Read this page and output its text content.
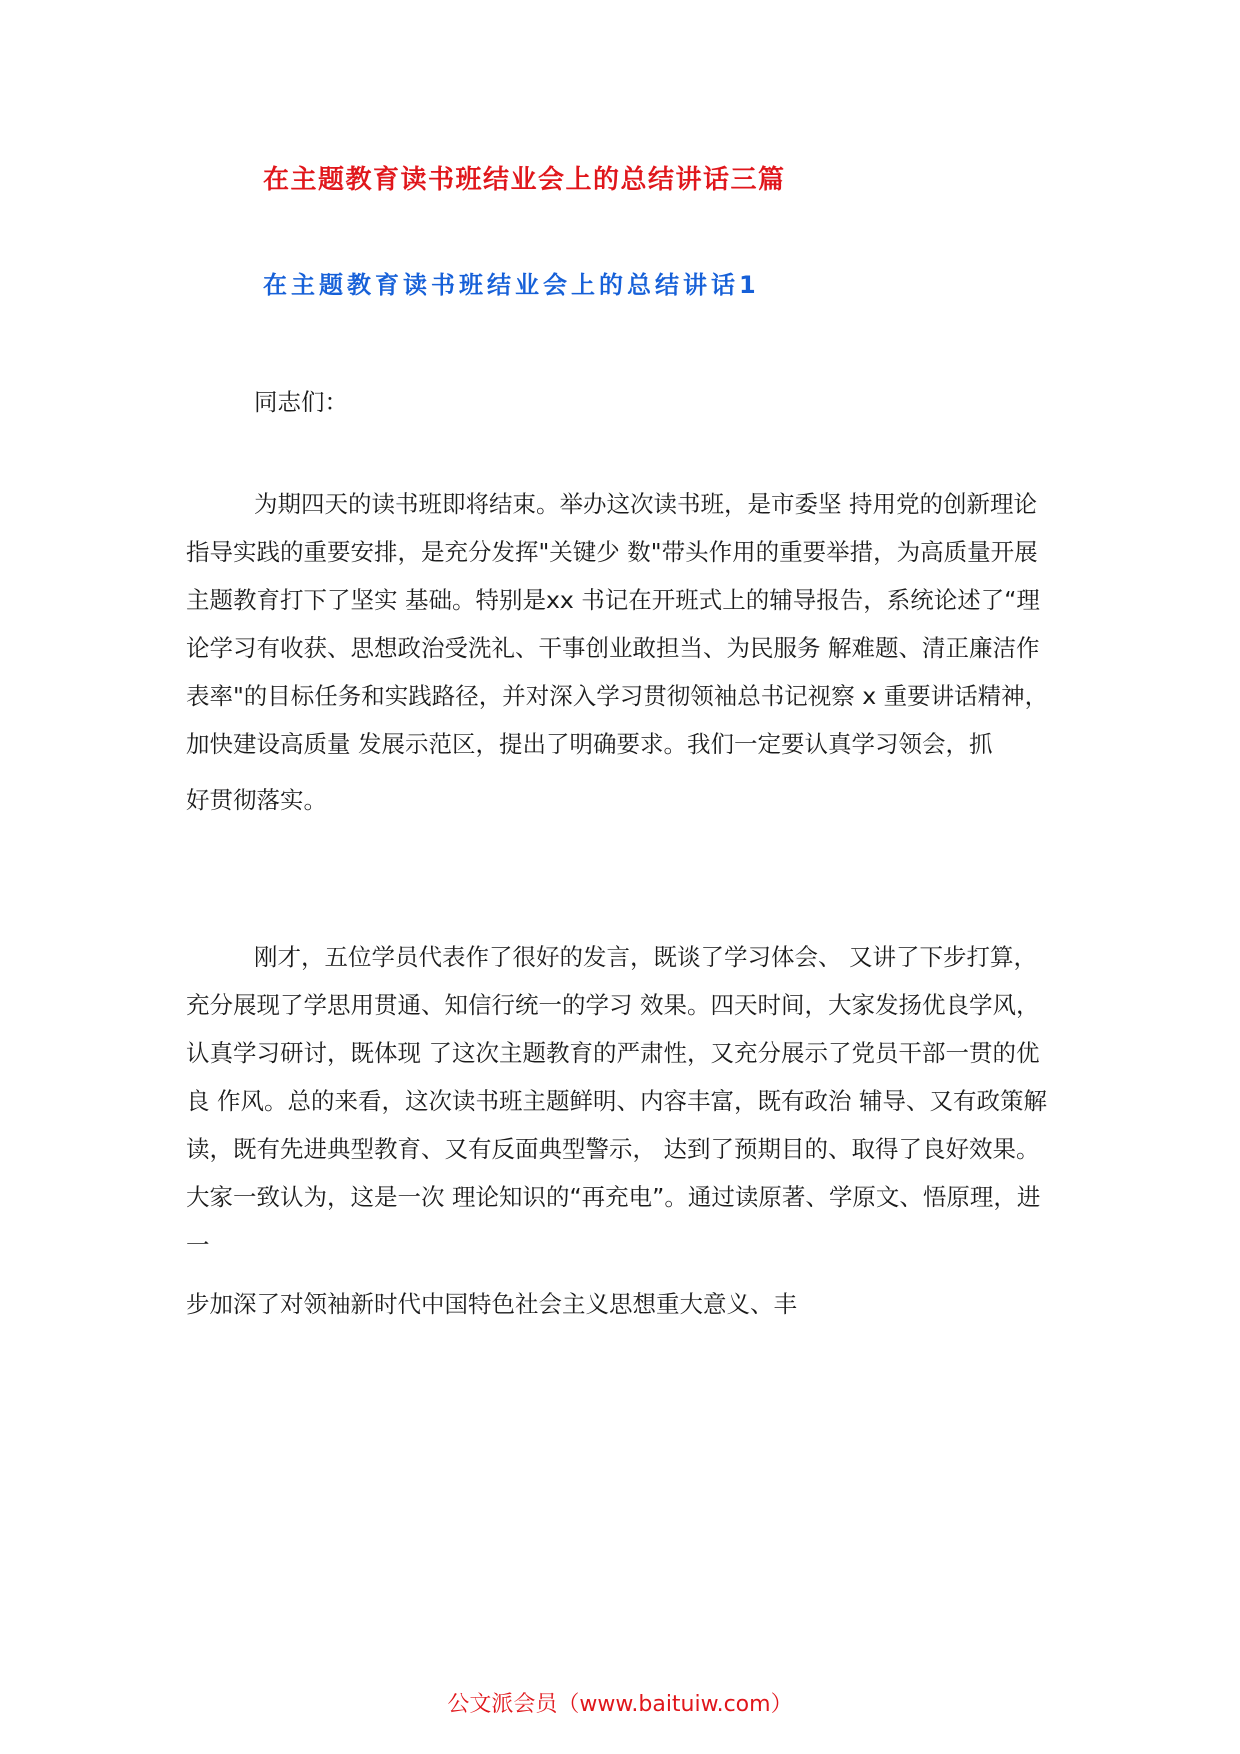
在主题教育读书班结业会上的总结讲话三篇
在主题教育读书班结业会上的总结讲话1

同志们：

为期四天的读书班即将结束。举办这次读书班，是市委坚 持用党的创新理论指导实践的重要安排，是充分发挥"关键少 数"带头作用的重要举措，为高质量开展主题教育打下了坚实 基础。特别是xx 书记在开班式上的辅导报告，系统论述了“理 论学习有收获、思想政治受洗礼、干事创业敢担当、为民服务 解难题、清正廉洁作表率"的目标任务和实践路径，并对深入学习贯彻领袖总书记视察 x 重要讲话精神，加快建设高质量 发展示范区，提出了明确要求。我们一定要认真学习领会，抓

好贯彻落实。

刚才，五位学员代表作了很好的发言，既谈了学习体会、 又讲了下步打算，充分展现了学思用贯通、知信行统一的学习 效果。四天时间，大家发扬优良学风，认真学习研讨，既体现 了这次主题教育的严肃性，又充分展示了党员干部一贯的优良 作风。总的来看，这次读书班主题鲜明、内容丰富，既有政治 辅导、又有政策解读，既有先进典型教育、又有反面典型警示， 达到了预期目的、取得了良好效果。大家一致认为，这是一次 理论知识的“再充电”。通过读原著、学原文、悟原理，进一

步加深了对领袖新时代中国特色社会主义思想重大意义、丰

公文派会员（www.baituiw.com）
